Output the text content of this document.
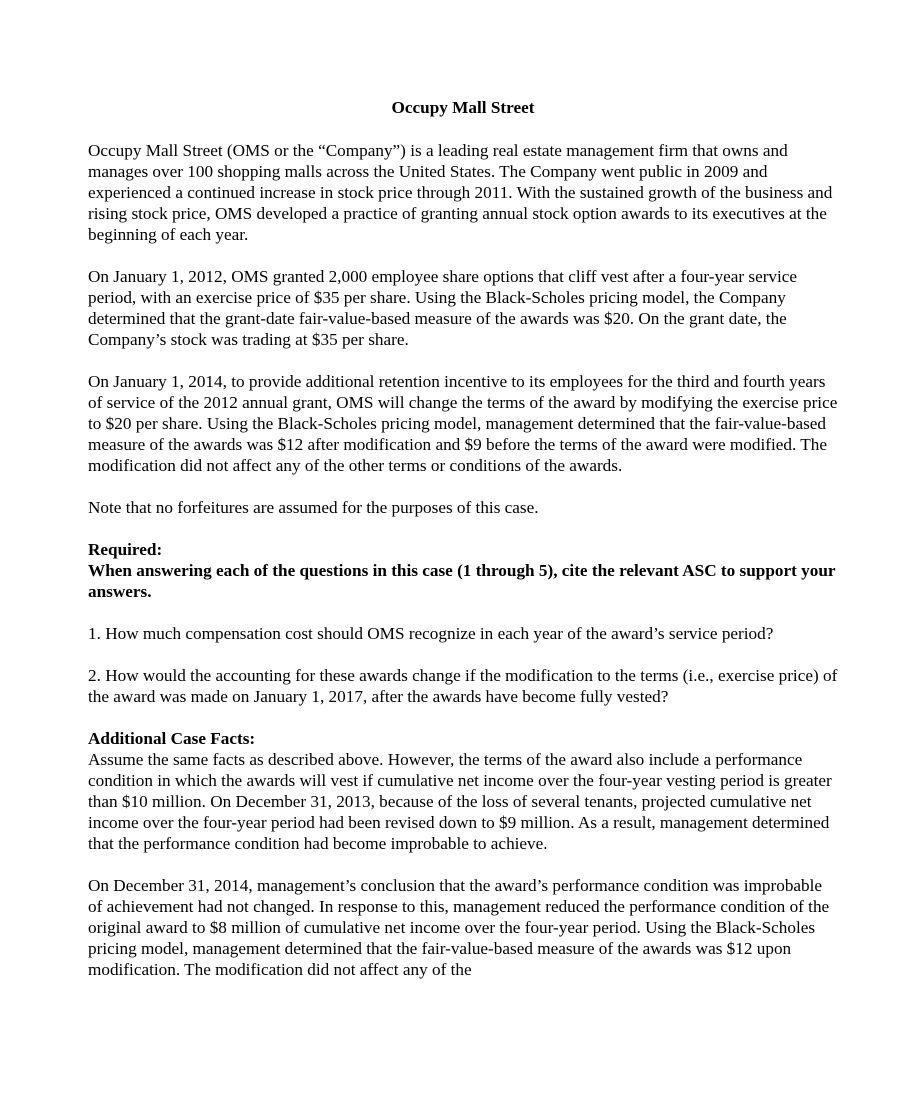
Occupy Mall Street

Occupy Mall Street (OMS or the “Company”) is a leading real estate management firm that owns and manages over 100 shopping malls across the United States. The Company went public in 2009 and experienced a continued increase in stock price through 2011. With the sustained growth of the business and rising stock price, OMS developed a practice of granting annual stock option awards to its executives at the beginning of each year.

On January 1, 2012, OMS granted 2,000 employee share options that cliff vest after a four-year service period, with an exercise price of $35 per share. Using the Black-Scholes pricing model, the Company determined that the grant-date fair-value-based measure of the awards was $20. On the grant date, the Company’s stock was trading at $35 per share.

On January 1, 2014, to provide additional retention incentive to its employees for the third and fourth years of service of the 2012 annual grant, OMS will change the terms of the award by modifying the exercise price to $20 per share. Using the Black-Scholes pricing model, management determined that the fair-value-based measure of the awards was $12 after modification and $9 before the terms of the award were modified. The modification did not affect any of the other terms or conditions of the awards.

Note that no forfeitures are assumed for the purposes of this case.

Required:
When answering each of the questions in this case (1 through 5), cite the relevant ASC to support your answers.

1. How much compensation cost should OMS recognize in each year of the award’s service period?

2. How would the accounting for these awards change if the modification to the terms (i.e., exercise price) of the award was made on January 1, 2017, after the awards have become fully vested?

Additional Case Facts:
Assume the same facts as described above. However, the terms of the award also include a performance condition in which the awards will vest if cumulative net income over the four-year vesting period is greater than $10 million. On December 31, 2013, because of the loss of several tenants, projected cumulative net income over the four-year period had been revised down to $9 million. As a result, management determined that the performance condition had become improbable to achieve.

On December 31, 2014, management’s conclusion that the award’s performance condition was improbable of achievement had not changed. In response to this, management reduced the performance condition of the original award to $8 million of cumulative net income over the four-year period. Using the Black-Scholes pricing model, management determined that the fair-value-based measure of the awards was $12 upon modification. The modification did not affect any of the
